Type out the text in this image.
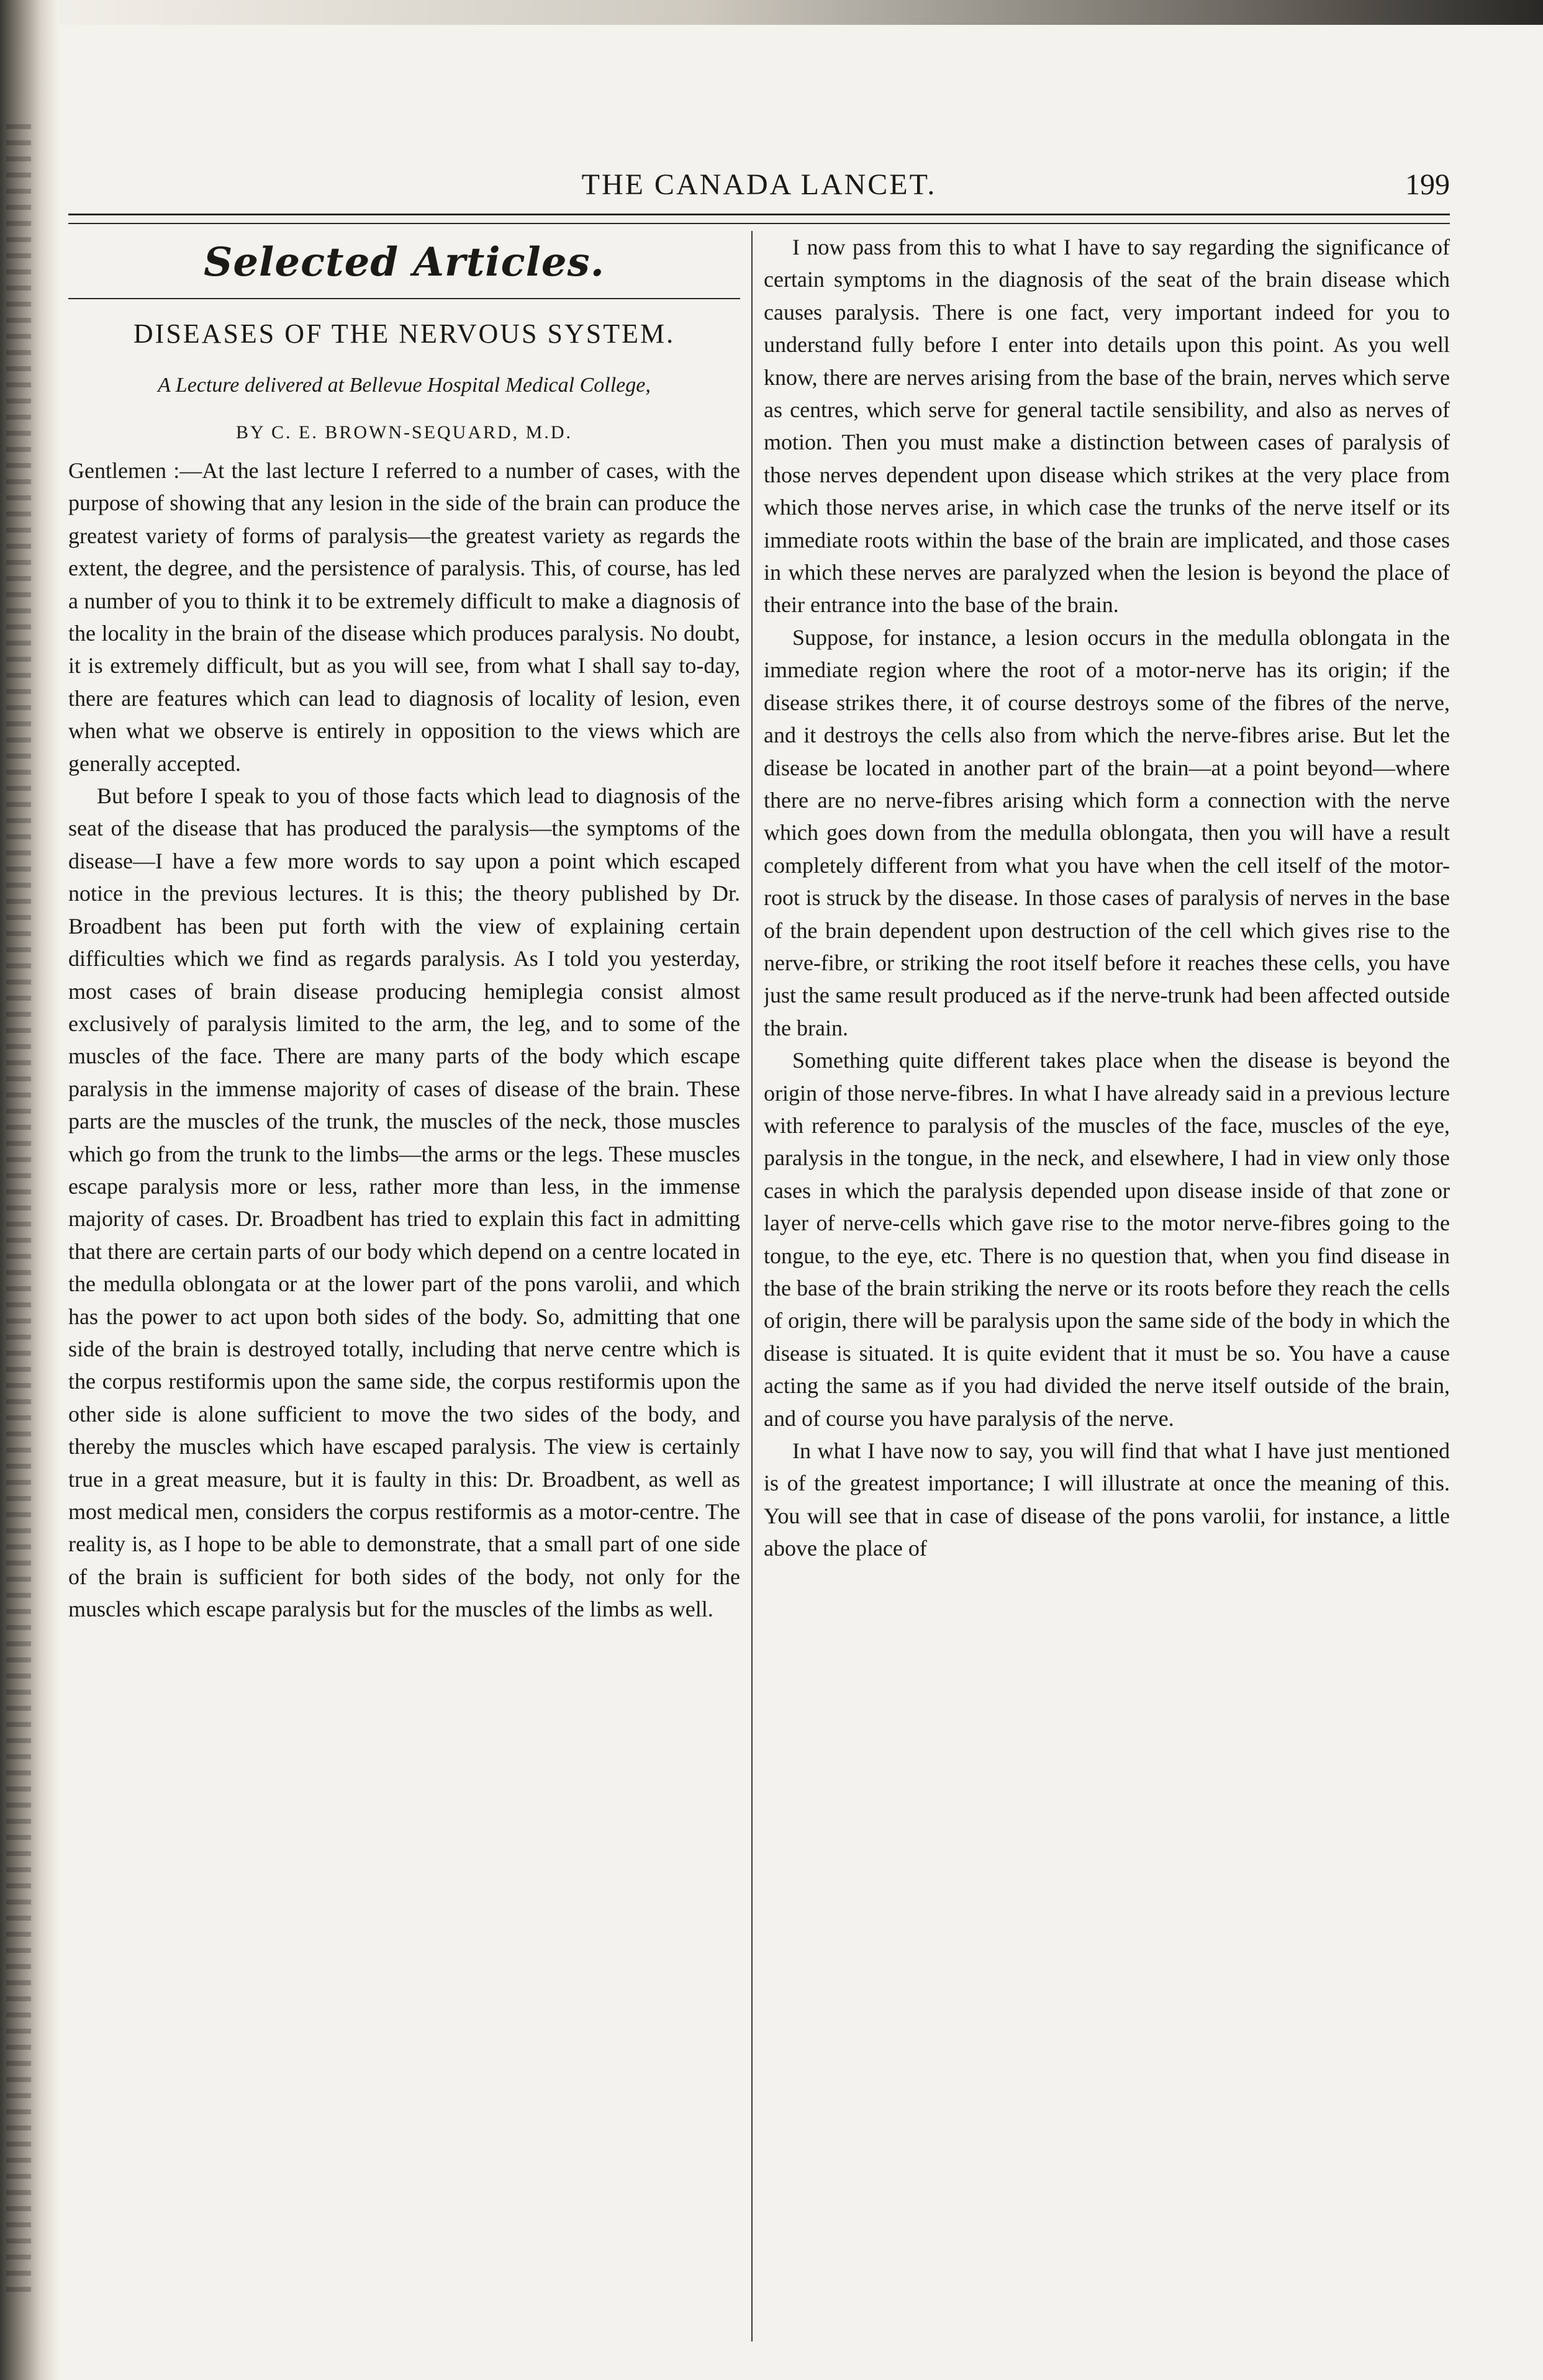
THE CANADA LANCET.	199
Selected Articles.
DISEASES OF THE NERVOUS SYSTEM.
A Lecture delivered at Bellevue Hospital Medical College,
BY C. E. BROWN-SEQUARD, M.D.

Gentlemen :—At the last lecture I referred to a number of cases, with the purpose of showing that any lesion in the side of the brain can produce the greatest variety of forms of paralysis—the greatest variety as regards the extent, the degree, and the persistence of paralysis. This, of course, has led a number of you to think it to be extremely difficult to make a diagnosis of the locality in the brain of the disease which produces paralysis. No doubt, it is extremely difficult, but as you will see, from what I shall say to-day, there are features which can lead to diagnosis of locality of lesion, even when what we observe is entirely in opposition to the views which are generally accepted.

But before I speak to you of those facts which lead to diagnosis of the seat of the disease that has produced the paralysis—the symptoms of the disease—I have a few more words to say upon a point which escaped notice in the previous lectures. It is this; the theory published by Dr. Broadbent has been put forth with the view of explaining certain difficulties which we find as regards paralysis. As I told you yesterday, most cases of brain disease producing hemiplegia consist almost exclusively of paralysis limited to the arm, the leg, and to some of the muscles of the face. There are many parts of the body which escape paralysis in the immense majority of cases of disease of the brain. These parts are the muscles of the trunk, the muscles of the neck, those muscles which go from the trunk to the limbs—the arms or the legs. These muscles escape paralysis more or less, rather more than less, in the immense majority of cases. Dr. Broadbent has tried to explain this fact in admitting that there are certain parts of our body which depend on a centre located in the medulla oblongata or at the lower part of the pons varolii, and which has the power to act upon both sides of the body. So, admitting that one side of the brain is destroyed totally, including that nerve centre which is the corpus restiformis upon the same side, the corpus restiformis upon the other side is alone sufficient to move the two sides of the body, and thereby the muscles which have escaped paralysis. The view is certainly true in a great measure, but it is faulty in this: Dr. Broadbent, as well as most medical men, considers the corpus restiformis as a motor-centre. The reality is, as I hope to be able to demonstrate, that a small part of one side of the brain is sufficient for both sides of the body, not only for the muscles which escape paralysis but for the muscles of the limbs as well.

I now pass from this to what I have to say regarding the significance of certain symptoms in the diagnosis of the seat of the brain disease which causes paralysis. There is one fact, very important indeed for you to understand fully before I enter into details upon this point. As you well know, there are nerves arising from the base of the brain, nerves which serve as centres, which serve for general tactile sensibility, and also as nerves of motion. Then you must make a distinction between cases of paralysis of those nerves dependent upon disease which strikes at the very place from which those nerves arise, in which case the trunks of the nerve itself or its immediate roots within the base of the brain are implicated, and those cases in which these nerves are paralyzed when the lesion is beyond the place of their entrance into the base of the brain.

Suppose, for instance, a lesion occurs in the medulla oblongata in the immediate region where the root of a motor-nerve has its origin; if the disease strikes there, it of course destroys some of the fibres of the nerve, and it destroys the cells also from which the nerve-fibres arise. But let the disease be located in another part of the brain—at a point beyond—where there are no nerve-fibres arising which form a connection with the nerve which goes down from the medulla oblongata, then you will have a result completely different from what you have when the cell itself of the motor-root is struck by the disease. In those cases of paralysis of nerves in the base of the brain dependent upon destruction of the cell which gives rise to the nerve-fibre, or striking the root itself before it reaches these cells, you have just the same result produced as if the nerve-trunk had been affected outside the brain.

Something quite different takes place when the disease is beyond the origin of those nerve-fibres. In what I have already said in a previous lecture with reference to paralysis of the muscles of the face, muscles of the eye, paralysis in the tongue, in the neck, and elsewhere, I had in view only those cases in which the paralysis depended upon disease inside of that zone or layer of nerve-cells which gave rise to the motor nerve-fibres going to the tongue, to the eye, etc. There is no question that, when you find disease in the base of the brain striking the nerve or its roots before they reach the cells of origin, there will be paralysis upon the same side of the body in which the disease is situated. It is quite evident that it must be so. You have a cause acting the same as if you had divided the nerve itself outside of the brain, and of course you have paralysis of the nerve.

In what I have now to say, you will find that what I have just mentioned is of the greatest importance; I will illustrate at once the meaning of this. You will see that in case of disease of the pons varolii, for instance, a little above the place of
